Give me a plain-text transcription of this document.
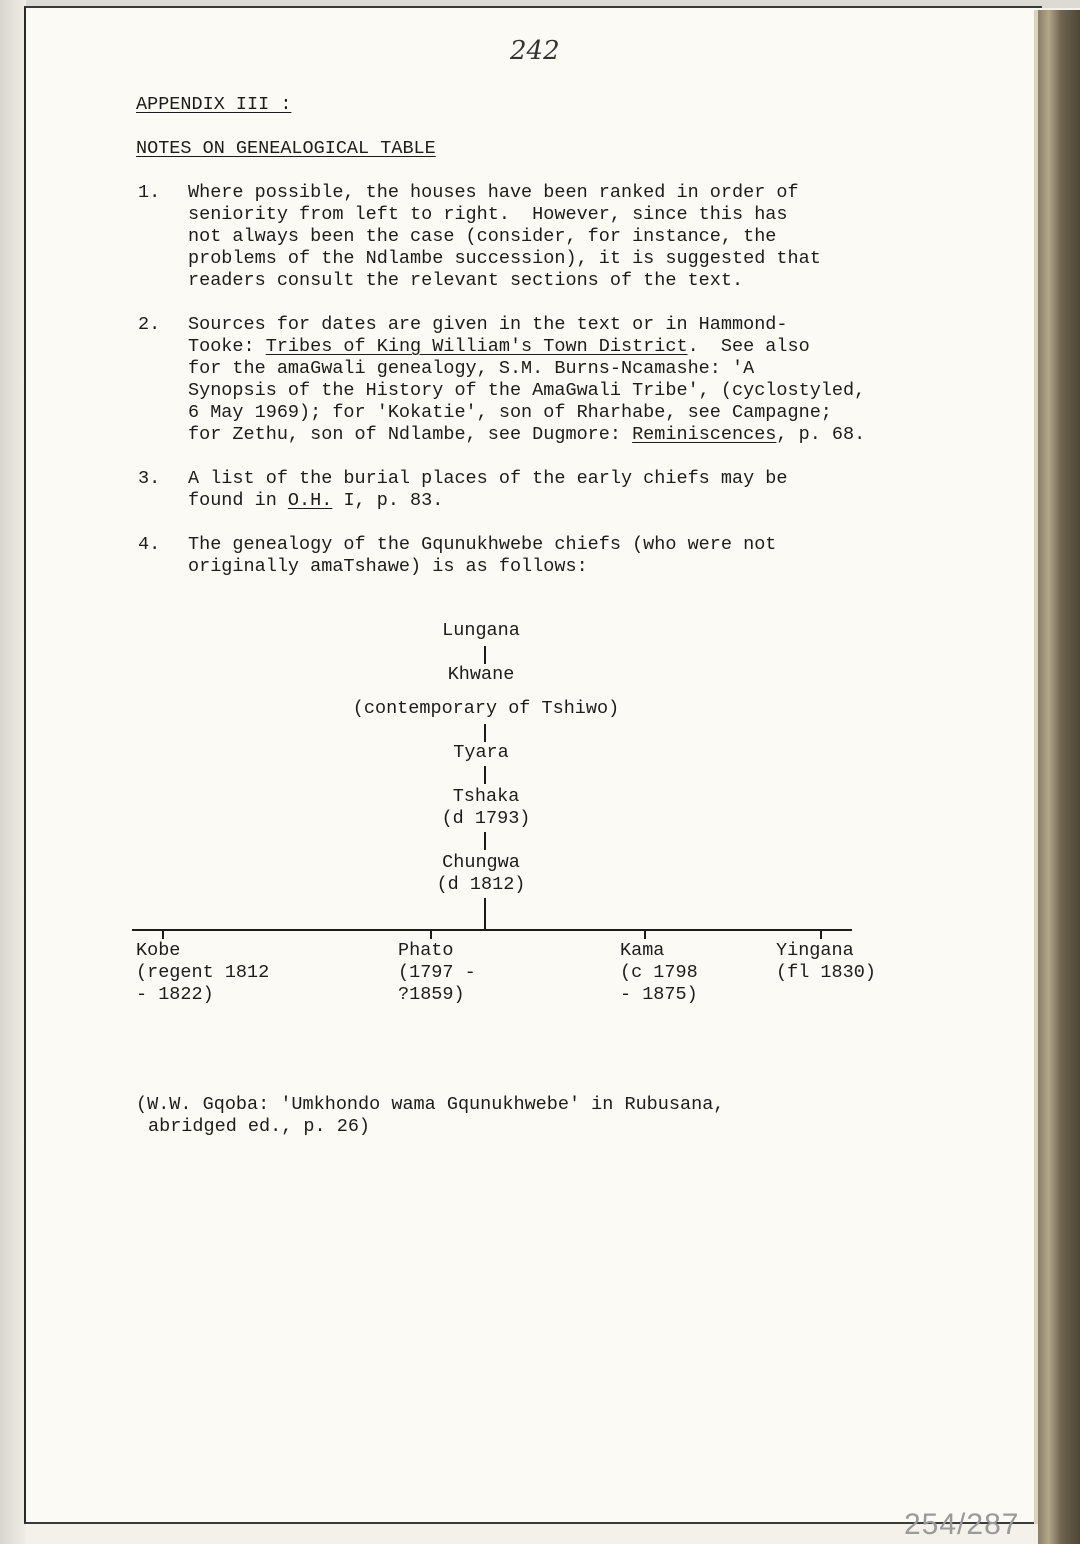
242
APPENDIX III :
NOTES ON GENEALOGICAL TABLE
1. Where possible, the houses have been ranked in order of
seniority from left to right.  However, since this has
not always been the case (consider, for instance, the
problems of the Ndlambe succession), it is suggested that
readers consult the relevant sections of the text.
2. Sources for dates are given in the text or in Hammond-
Tooke: Tribes of King William's Town District.  See also
for the amaGwali genealogy, S.M. Burns-Ncamashe: 'A
Synopsis of the History of the AmaGwali Tribe', (cyclostyled,
6 May 1969); for 'Kokatie', son of Rharhabe, see Campagne;
for Zethu, son of Ndlambe, see Dugmore: Reminiscences, p. 68.
3. A list of the burial places of the early chiefs may be
found in O.H. I, p. 83.
4. The genealogy of the Gqunukhwebe chiefs (who were not
originally amaTshawe) is as follows:
Lungana
Khwane
(contemporary of Tshiwo)
Tyara
Tshaka
(d 1793)
Chungwa
(d 1812)
Kobe
(regent 1812
- 1822)
Phato
(1797 -
?1859)
Kama
(c 1798
- 1875)
Yingana
(fl 1830)
(W.W. Gqoba: 'Umkhondo wama Gqunukhwebe' in Rubusana,
abridged ed., p. 26)
254/287
